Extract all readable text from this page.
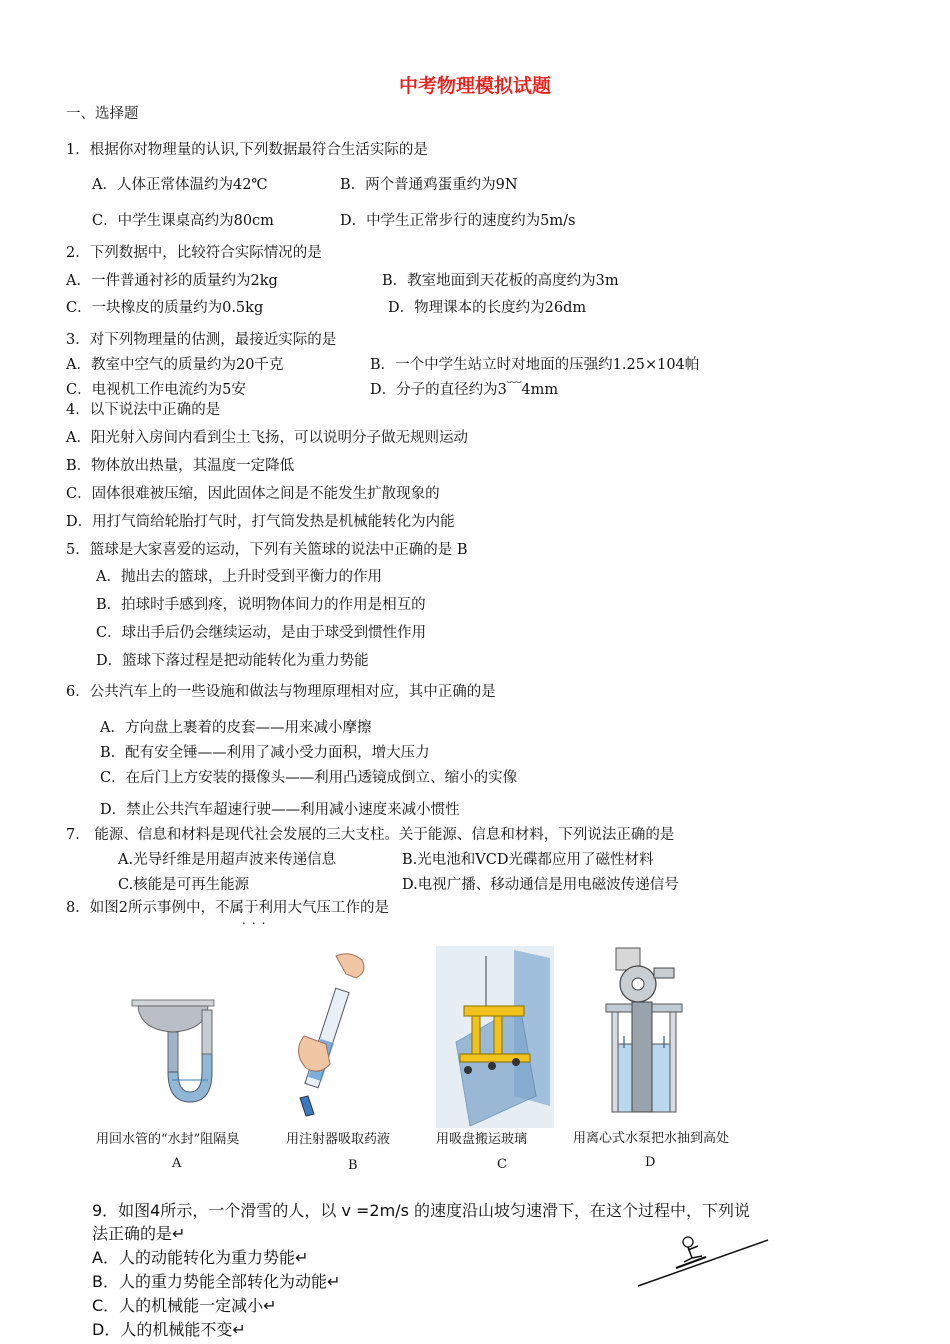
中考物理模拟试题
一、选择题
1．根据你对物理量的认识,下列数据最符合生活实际的是
A．人体正常体温约为42℃	B．两个普通鸡蛋重约为9N
C．中学生课桌高约为80cm	D．中学生正常步行的速度约为5m/s
2．下列数据中，比较符合实际情况的是
A．一件普通衬衫的质量约为2kg	B．教室地面到天花板的高度约为3m
C．一块橡皮的质量约为0.5kg	D．物理课本的长度约为26dm
3．对下列物理量的估测，最接近实际的是
A．教室中空气的质量约为20千克	B．一个中学生站立时对地面的压强约1.25×104帕
C．电视机工作电流约为5安	D．分子的直径约为3﹋4mm
4．以下说法中正确的是
A．阳光射入房间内看到尘土飞扬，可以说明分子做无规则运动
B．物体放出热量，其温度一定降低
C．固体很难被压缩，因此固体之间是不能发生扩散现象的
D．用打气筒给轮胎打气时，打气筒发热是机械能转化为内能
5．篮球是大家喜爱的运动，下列有关篮球的说法中正确的是 B
A．抛出去的篮球，上升时受到平衡力的作用
B．拍球时手感到疼，说明物体间力的作用是相互的
C．球出手后仍会继续运动，是由于球受到惯性作用
D．篮球下落过程是把动能转化为重力势能
6．公共汽车上的一些设施和做法与物理原理相对应，其中正确的是
A．方向盘上裹着的皮套——用来减小摩擦
B．配有安全锤——利用了减小受力面积，增大压力
C．在后门上方安装的摄像头——利用凸透镜成倒立、缩小的实像
D．禁止公共汽车超速行驶——利用减小速度来减小惯性
7． 能源、信息和材料是现代社会发展的三大支柱。关于能源、信息和材料，下列说法正确的是
A.光导纤维是用超声波来传递信息	B.光电池和VCD光碟都应用了磁性材料
C.核能是可再生能源	D.电视广播、移动通信是用电磁波传递信号
8．如图2所示事例中，不属于利用大气压工作的是
...
用回水管的“水封”阻隔臭	用注射器吸取药液	用吸盘搬运玻璃	用离心式水泵把水抽到高处
A	B	C	D
9．如图4所示，一个滑雪的人，以 v =2m/s 的速度沿山坡匀速滑下，在这个过程中，下列说
法正确的是↵
A．人的动能转化为重力势能↵
B．人的重力势能全部转化为动能↵
C．人的机械能一定减小↵
D．人的机械能不变↵
